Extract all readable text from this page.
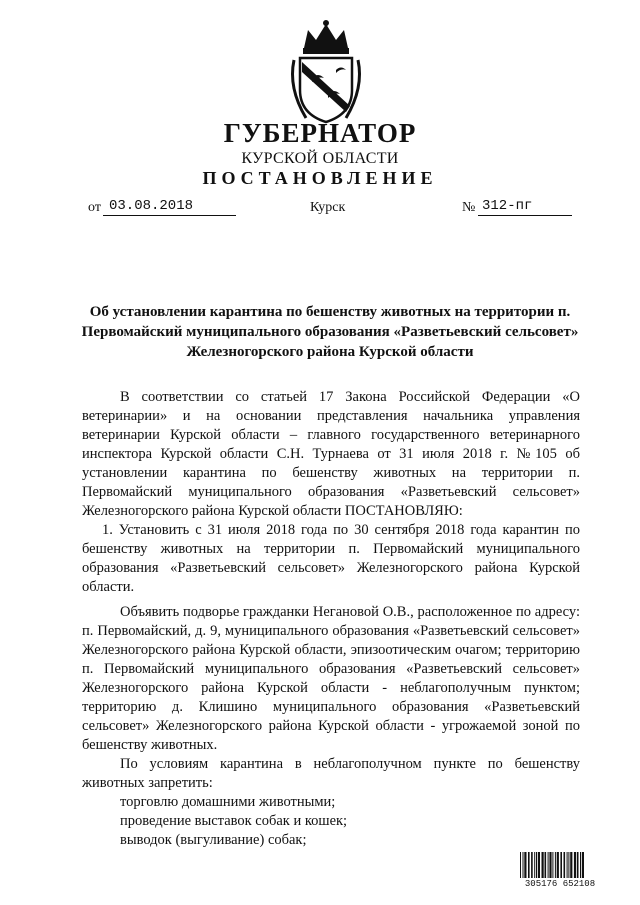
ГУБЕРНАТОР
КУРСКОЙ ОБЛАСТИ
ПОСТАНОВЛЕНИЕ
от 03.08.2018	Курск	№ 312-пг
Об установлении карантина по бешенству животных на территории п. Первомайский муниципального образования «Разветьевский сельсовет» Железногорского района Курской области

В соответствии со статьей 17 Закона Российской Федерации «О ветеринарии» и на основании представления начальника управления ветеринарии Курской области – главного государственного ветеринарного инспектора Курской области С.Н. Турнаева от 31 июля 2018 г. №105 об установлении карантина по бешенству животных на территории п. Первомайский муниципального образования «Разветьевский сельсовет» Железногорского района Курской области ПОСТАНОВЛЯЮ:

1. Установить с 31 июля 2018 года по 30 сентября 2018 года карантин по бешенству животных на территории п. Первомайский муниципального образования «Разветьевский сельсовет» Железногорского района Курской области.

Объявить подворье гражданки Негановой О.В., расположенное по адресу: п. Первомайский, д. 9, муниципального образования «Разветьевский сельсовет» Железногорского района Курской области, эпизоотическим очагом; территорию п. Первомайский муниципального образования «Разветьевский сельсовет» Железногорского района Курской области - неблагополучным пунктом; территорию д. Клишино муниципального образования «Разветьевский сельсовет» Железногорского района Курской области - угрожаемой зоной по бешенству животных.

По условиям карантина в неблагополучном пункте по бешенству животных запретить:

торговлю домашними животными;

проведение выставок собак и кошек;

выводок (выгуливание) собак;

305176 652108
